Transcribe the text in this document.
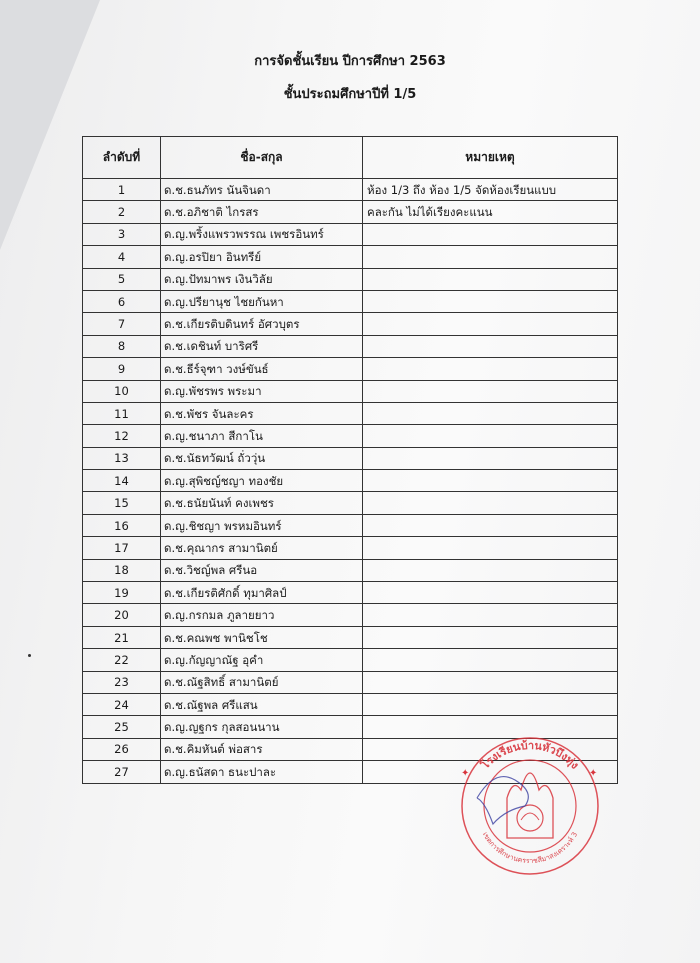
การจัดชั้นเรียน ปีการศึกษา 2563
ชั้นประถมศึกษาปีที่ 1/5
ลำดับที่	ชื่อ-สกุล	หมายเหตุ
1	ด.ช.ธนภัทร นันจินดา	ห้อง 1/3 ถึง ห้อง 1/5 จัดห้องเรียนแบบ
2	ด.ช.อภิชาติ ไกรสร	คละกัน ไม่ได้เรียงคะแนน
3	ด.ญ.พริ้งแพรวพรรณ เพชรอินทร์	
4	ด.ญ.อรปิยา อินทรีย์	
5	ด.ญ.ปัทมาพร เงินวิลัย	
6	ด.ญ.ปรียานุช ไชยกันหา	
7	ด.ช.เกียรติบดินทร์ อัศวบุตร	
8	ด.ช.เดชินท์ บาริศรี	
9	ด.ช.ธีร์จุฑา วงษ์ขันธ์	
10	ด.ญ.พัชรพร พระมา	
11	ด.ช.พัชร จันละคร	
12	ด.ญ.ชนาภา สีกาโน	
13	ด.ช.นัธทวัฒน์ ถั่ววุ่น	
14	ด.ญ.สุพิชญ์ชญา ทองชัย	
15	ด.ช.ธนัยนันท์ คงเพชร	
16	ด.ญ.ชิชญา พรหมอินทร์	
17	ด.ช.คุณากร สามานิตย์	
18	ด.ช.วิชญ์พล ศรีนอ	
19	ด.ช.เกียรติศักดิ์ ทุมาศิลป์	
20	ด.ญ.กรกมล ภูลายยาว	
21	ด.ช.คณพช พานิชโช	
22	ด.ญ.กัญญาณัฐ อุคำ	
23	ด.ช.ณัฐสิทธิ์ สามานิตย์	
24	ด.ช.ณัฐพล ศรีแสน	
25	ด.ญ.ญฐกร กุลสอนนาน	
26	ด.ช.คิมหันต์ พ่อสาร	
27	ด.ญ.ธนัสดา ธนะปาละ		โรงเรียนบ้านหัวบึงทุ่ง
เขตการศึกษานครราชสีมาสงเคราะห์ 3
✦	✦
